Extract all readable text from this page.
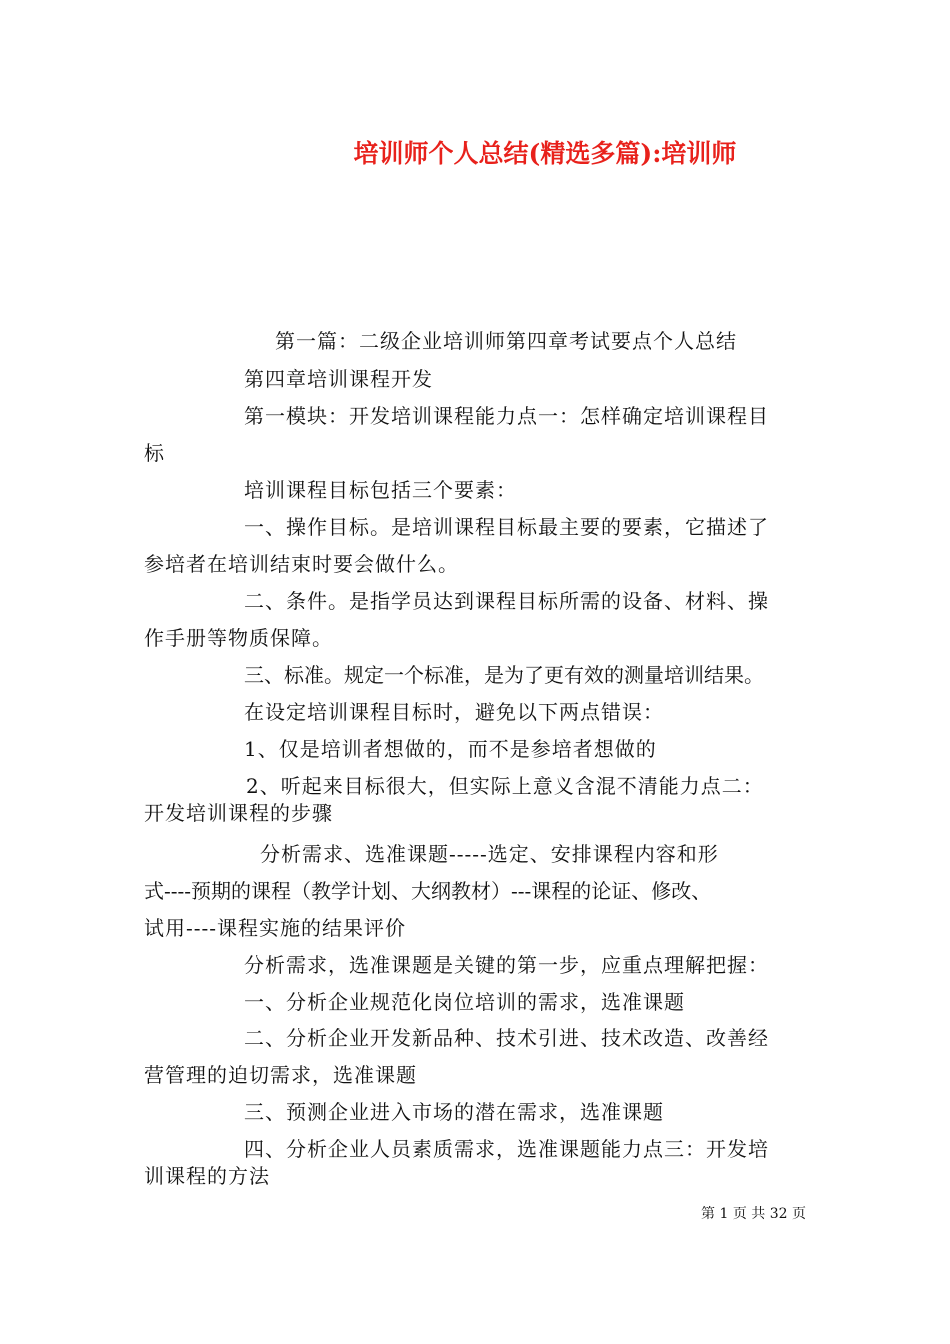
培训师个人总结(精选多篇):培训师
第一篇：二级企业培训师第四章考试要点个人总结
第四章培训课程开发
第一模块：开发培训课程能力点一：怎样确定培训课程目
标
培训课程目标包括三个要素：
一、操作目标。是培训课程目标最主要的要素，它描述了
参培者在培训结束时要会做什么。
二、条件。是指学员达到课程目标所需的设备、材料、操
作手册等物质保障。
三、标准。规定一个标准，是为了更有效的测量培训结果。
在设定培训课程目标时，避免以下两点错误：
1、仅是培训者想做的，而不是参培者想做的
2、听起来目标很大，但实际上意义含混不清能力点二：
开发培训课程的步骤
分析需求、选准课题-----选定、安排课程内容和形
式----预期的课程（教学计划、大纲教材）---课程的论证、修改、
试用----课程实施的结果评价
分析需求，选准课题是关键的第一步，应重点理解把握：
一、分析企业规范化岗位培训的需求，选准课题
二、分析企业开发新品种、技术引进、技术改造、改善经
营管理的迫切需求，选准课题
三、预测企业进入市场的潜在需求，选准课题
四、分析企业人员素质需求，选准课题能力点三：开发培
训课程的方法
第 1 页 共 32 页
